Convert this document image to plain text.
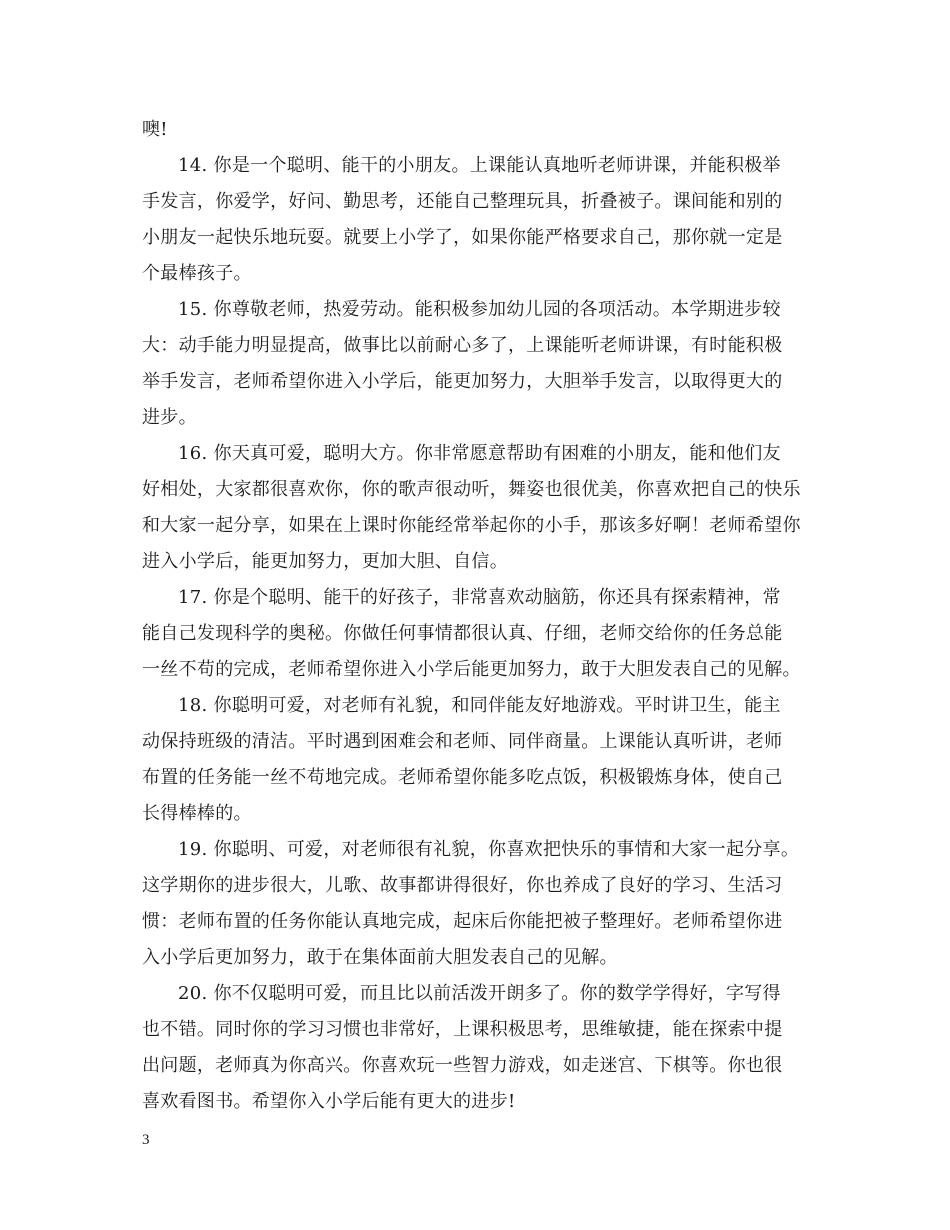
噢!
14. 你是一个聪明、能干的小朋友。上课能认真地听老师讲课，并能积极举
手发言，你爱学，好问、勤思考，还能自己整理玩具，折叠被子。课间能和别的
小朋友一起快乐地玩耍。就要上小学了，如果你能严格要求自己，那你就一定是
个最棒孩子。
15. 你尊敬老师，热爱劳动。能积极参加幼儿园的各项活动。本学期进步较
大：动手能力明显提高，做事比以前耐心多了，上课能听老师讲课，有时能积极
举手发言，老师希望你进入小学后，能更加努力，大胆举手发言，以取得更大的
进步。
16. 你天真可爱，聪明大方。你非常愿意帮助有困难的小朋友，能和他们友
好相处，大家都很喜欢你，你的歌声很动听，舞姿也很优美，你喜欢把自己的快乐
和大家一起分享，如果在上课时你能经常举起你的小手，那该多好啊！老师希望你
进入小学后，能更加努力，更加大胆、自信。
17. 你是个聪明、能干的好孩子，非常喜欢动脑筋，你还具有探索精神，常
能自己发现科学的奥秘。你做任何事情都很认真、仔细，老师交给你的任务总能
一丝不苟的完成，老师希望你进入小学后能更加努力，敢于大胆发表自己的见解。
18. 你聪明可爱，对老师有礼貌，和同伴能友好地游戏。平时讲卫生，能主
动保持班级的清洁。平时遇到困难会和老师、同伴商量。上课能认真听讲，老师
布置的任务能一丝不苟地完成。老师希望你能多吃点饭，积极锻炼身体，使自己
长得棒棒的。
19. 你聪明、可爱，对老师很有礼貌，你喜欢把快乐的事情和大家一起分享。
这学期你的进步很大，儿歌、故事都讲得很好，你也养成了良好的学习、生活习
惯：老师布置的任务你能认真地完成，起床后你能把被子整理好。老师希望你进
入小学后更加努力，敢于在集体面前大胆发表自己的见解。
20. 你不仅聪明可爱，而且比以前活泼开朗多了。你的数学学得好，字写得
也不错。同时你的学习习惯也非常好，上课积极思考，思维敏捷，能在探索中提
出问题，老师真为你高兴。你喜欢玩一些智力游戏，如走迷宫、下棋等。你也很
喜欢看图书。希望你入小学后能有更大的进步!
3
